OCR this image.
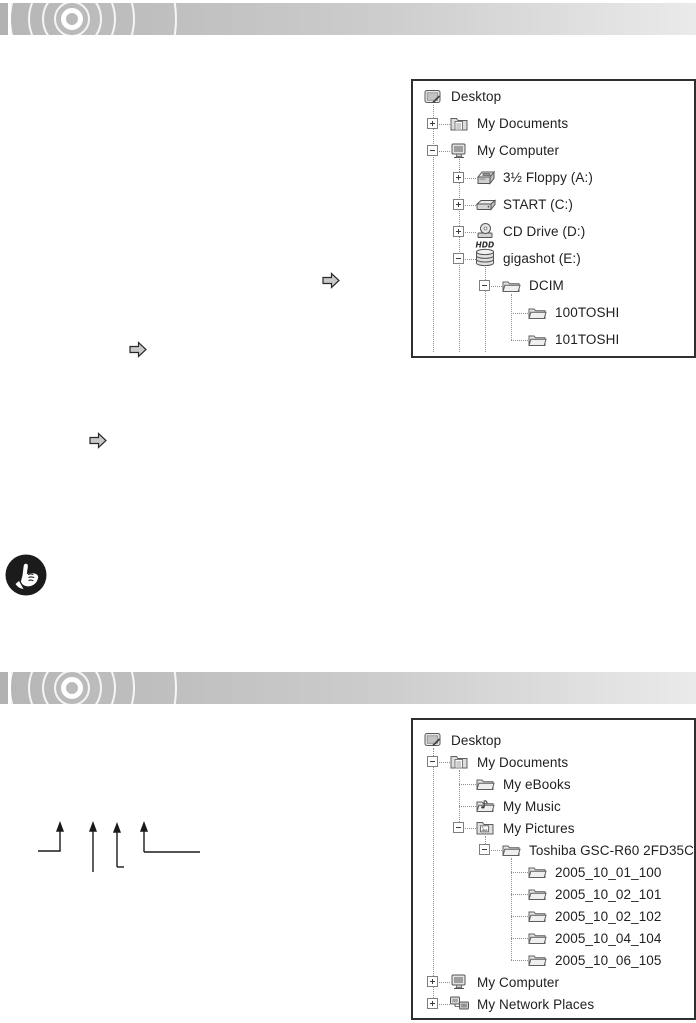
Desktop
My Documents
My Computer
3½ Floppy (A:)
START (C:)
CD Drive (D:)
HDD
gigashot (E:)
DCIM
100TOSHI
101TOSHI
Desktop
My Documents
My eBooks
My Music
My Pictures
Toshiba GSC-R60 2FD35C
2005_10_01_100
2005_10_02_101
2005_10_02_102
2005_10_04_104
2005_10_06_105
My Computer
My Network Places
